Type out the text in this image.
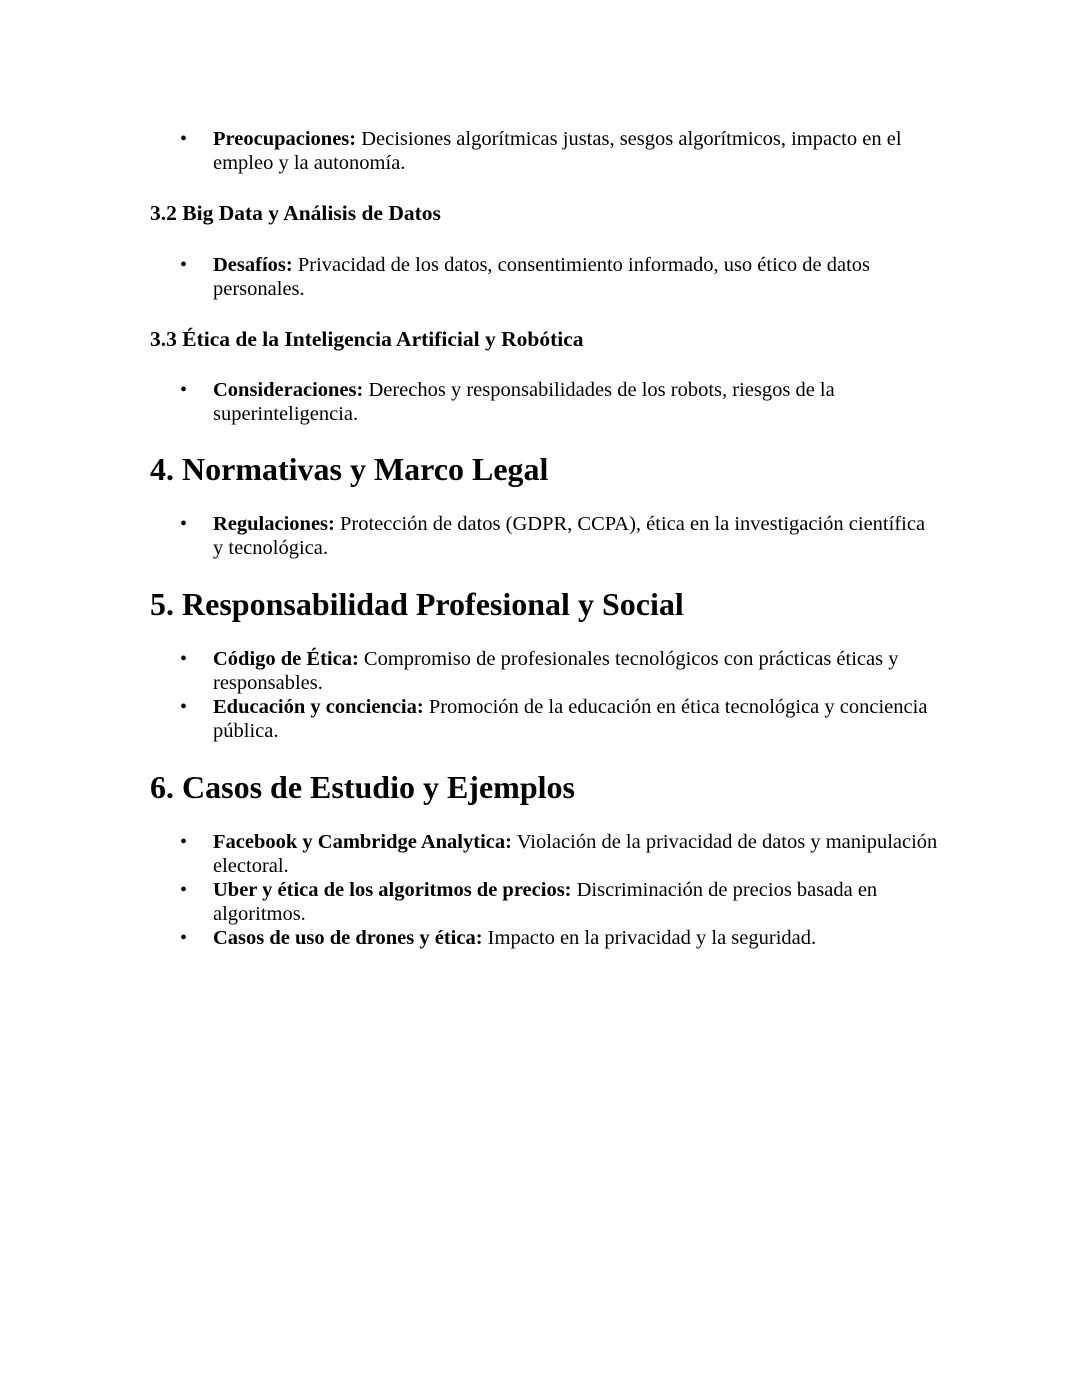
• Preocupaciones: Decisiones algorítmicas justas, sesgos algorítmicos, impacto en el empleo y la autonomía.
3.2 Big Data y Análisis de Datos
• Desafíos: Privacidad de los datos, consentimiento informado, uso ético de datos personales.
3.3 Ética de la Inteligencia Artificial y Robótica
• Consideraciones: Derechos y responsabilidades de los robots, riesgos de la superinteligencia.
4. Normativas y Marco Legal
• Regulaciones: Protección de datos (GDPR, CCPA), ética en la investigación científica y tecnológica.
5. Responsabilidad Profesional y Social
• Código de Ética: Compromiso de profesionales tecnológicos con prácticas éticas y responsables.
• Educación y conciencia: Promoción de la educación en ética tecnológica y conciencia pública.
6. Casos de Estudio y Ejemplos
• Facebook y Cambridge Analytica: Violación de la privacidad de datos y manipulación electoral.
• Uber y ética de los algoritmos de precios: Discriminación de precios basada en algoritmos.
• Casos de uso de drones y ética: Impacto en la privacidad y la seguridad.
